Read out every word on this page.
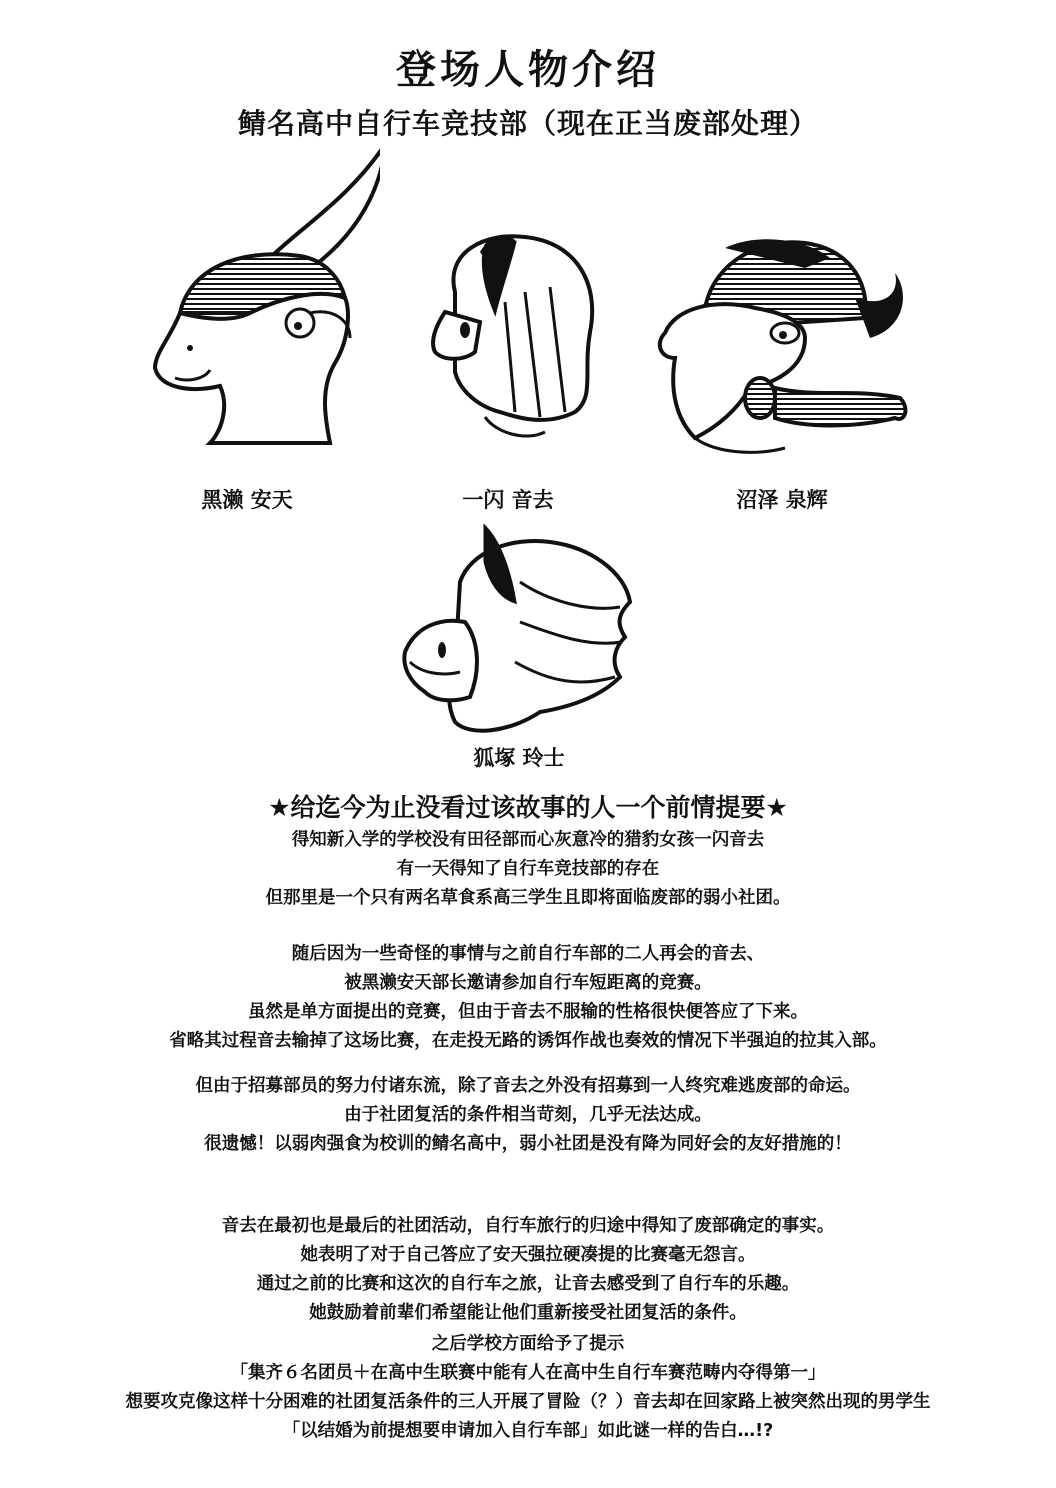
登场人物介绍
鲭名高中自行车竞技部（现在正当废部处理）
黑濑 安天	一闪 音去	沼泽 泉辉
狐塚 玲士
★给迄今为止没看过该故事的人一个前情提要★
得知新入学的学校没有田径部而心灰意冷的猎豹女孩一闪音去
有一天得知了自行车竞技部的存在
但那里是一个只有两名草食系高三学生且即将面临废部的弱小社团。
随后因为一些奇怪的事情与之前自行车部的二人再会的音去、
被黑濑安天部长邀请参加自行车短距离的竞赛。
虽然是单方面提出的竞赛，但由于音去不服输的性格很快便答应了下来。
省略其过程音去输掉了这场比赛，在走投无路的诱饵作战也奏效的情况下半强迫的拉其入部。
但由于招募部员的努力付诸东流，除了音去之外没有招募到一人终究难逃废部的命运。
由于社团复活的条件相当苛刻，几乎无法达成。
很遗憾！以弱肉强食为校训的鲭名高中，弱小社团是没有降为同好会的友好措施的！
音去在最初也是最后的社团活动，自行车旅行的归途中得知了废部确定的事实。
她表明了对于自己答应了安天强拉硬凑提的比赛毫无怨言。
通过之前的比赛和这次的自行车之旅，让音去感受到了自行车的乐趣。
她鼓励着前辈们希望能让他们重新接受社团复活的条件。
之后学校方面给予了提示
「集齐６名团员＋在高中生联赛中能有人在高中生自行车赛范畴内夺得第一」
想要攻克像这样十分困难的社团复活条件的三人开展了冒险（？）音去却在回家路上被突然出现的男学生
「以结婚为前提想要申请加入自行车部」如此谜一样的告白…!?
